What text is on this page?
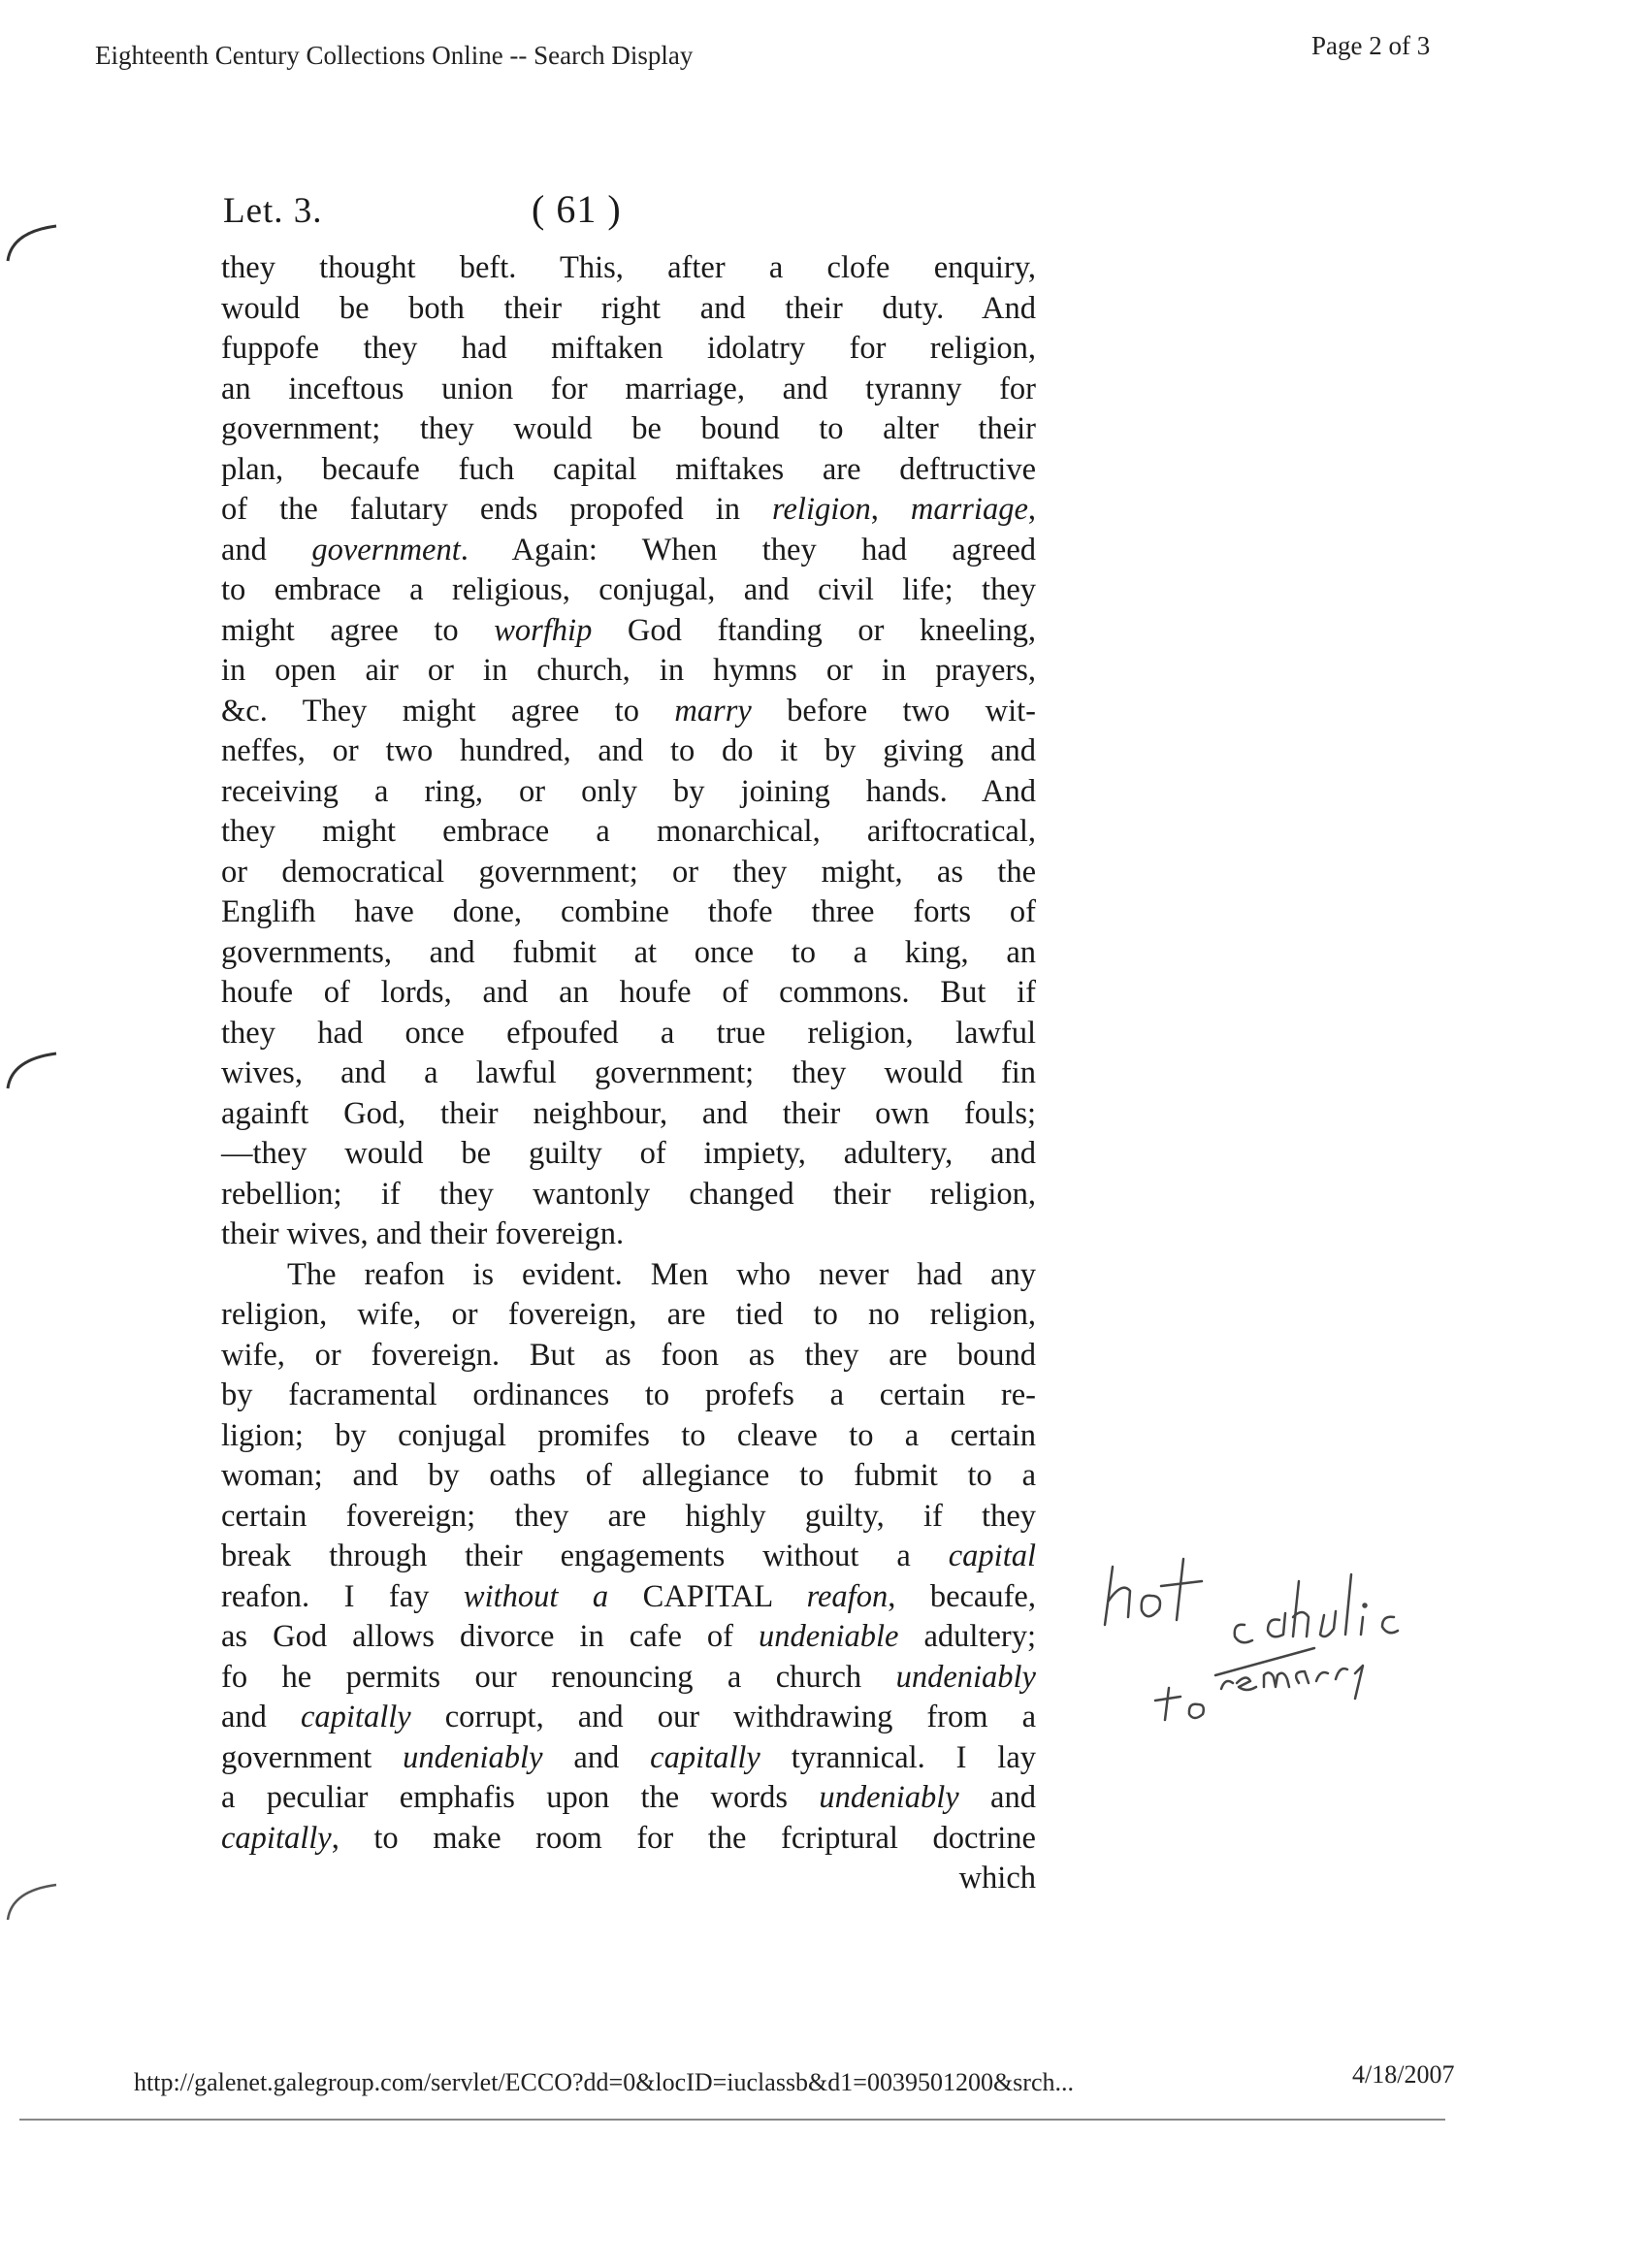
Eighteenth Century Collections Online -- Search Display	Page 2 of 3
Let. 3.	( 61 )
they thought beft. This, after a clofe enquiry,
would be both their right and their duty. And
fuppofe they had miftaken idolatry for religion,
an inceftous union for marriage, and tyranny for
government; they would be bound to alter their
plan, becaufe fuch capital miftakes are deftructive
of the falutary ends propofed in religion, marriage,
and government. Again: When they had agreed
to embrace a religious, conjugal, and civil life; they
might agree to worfhip God ftanding or kneeling,
in open air or in church, in hymns or in prayers,
&c. They might agree to marry before two wit-
neffes, or two hundred, and to do it by giving and
receiving a ring, or only by joining hands. And
they might embrace a monarchical, ariftocratical,
or democratical government; or they might, as the
Englifh have done, combine thofe three forts of
governments, and fubmit at once to a king, an
houfe of lords, and an houfe of commons. But if
they had once efpoufed a true religion, lawful
wives, and a lawful government; they would fin
againft God, their neighbour, and their own fouls;
—they would be guilty of impiety, adultery, and
rebellion; if they wantonly changed their religion,
their wives, and their fovereign.
The reafon is evident. Men who never had any
religion, wife, or fovereign, are tied to no religion,
wife, or fovereign. But as foon as they are bound
by facramental ordinances to profefs a certain re-
ligion; by conjugal promifes to cleave to a certain
woman; and by oaths of allegiance to fubmit to a
certain fovereign; they are highly guilty, if they
break through their engagements without a capital
reafon. I fay without a CAPITAL reafon, becaufe,
as God allows divorce in cafe of undeniable adultery;
fo he permits our renouncing a church undeniably
and capitally corrupt, and our withdrawing from a
government undeniably and capitally tyrannical. I lay
a peculiar emphafis upon the words undeniably and
capitally, to make room for the fcriptural doctrine
which
http://galenet.galegroup.com/servlet/ECCO?dd=0&locID=iuclassb&d1=0039501200&srch...	4/18/2007
